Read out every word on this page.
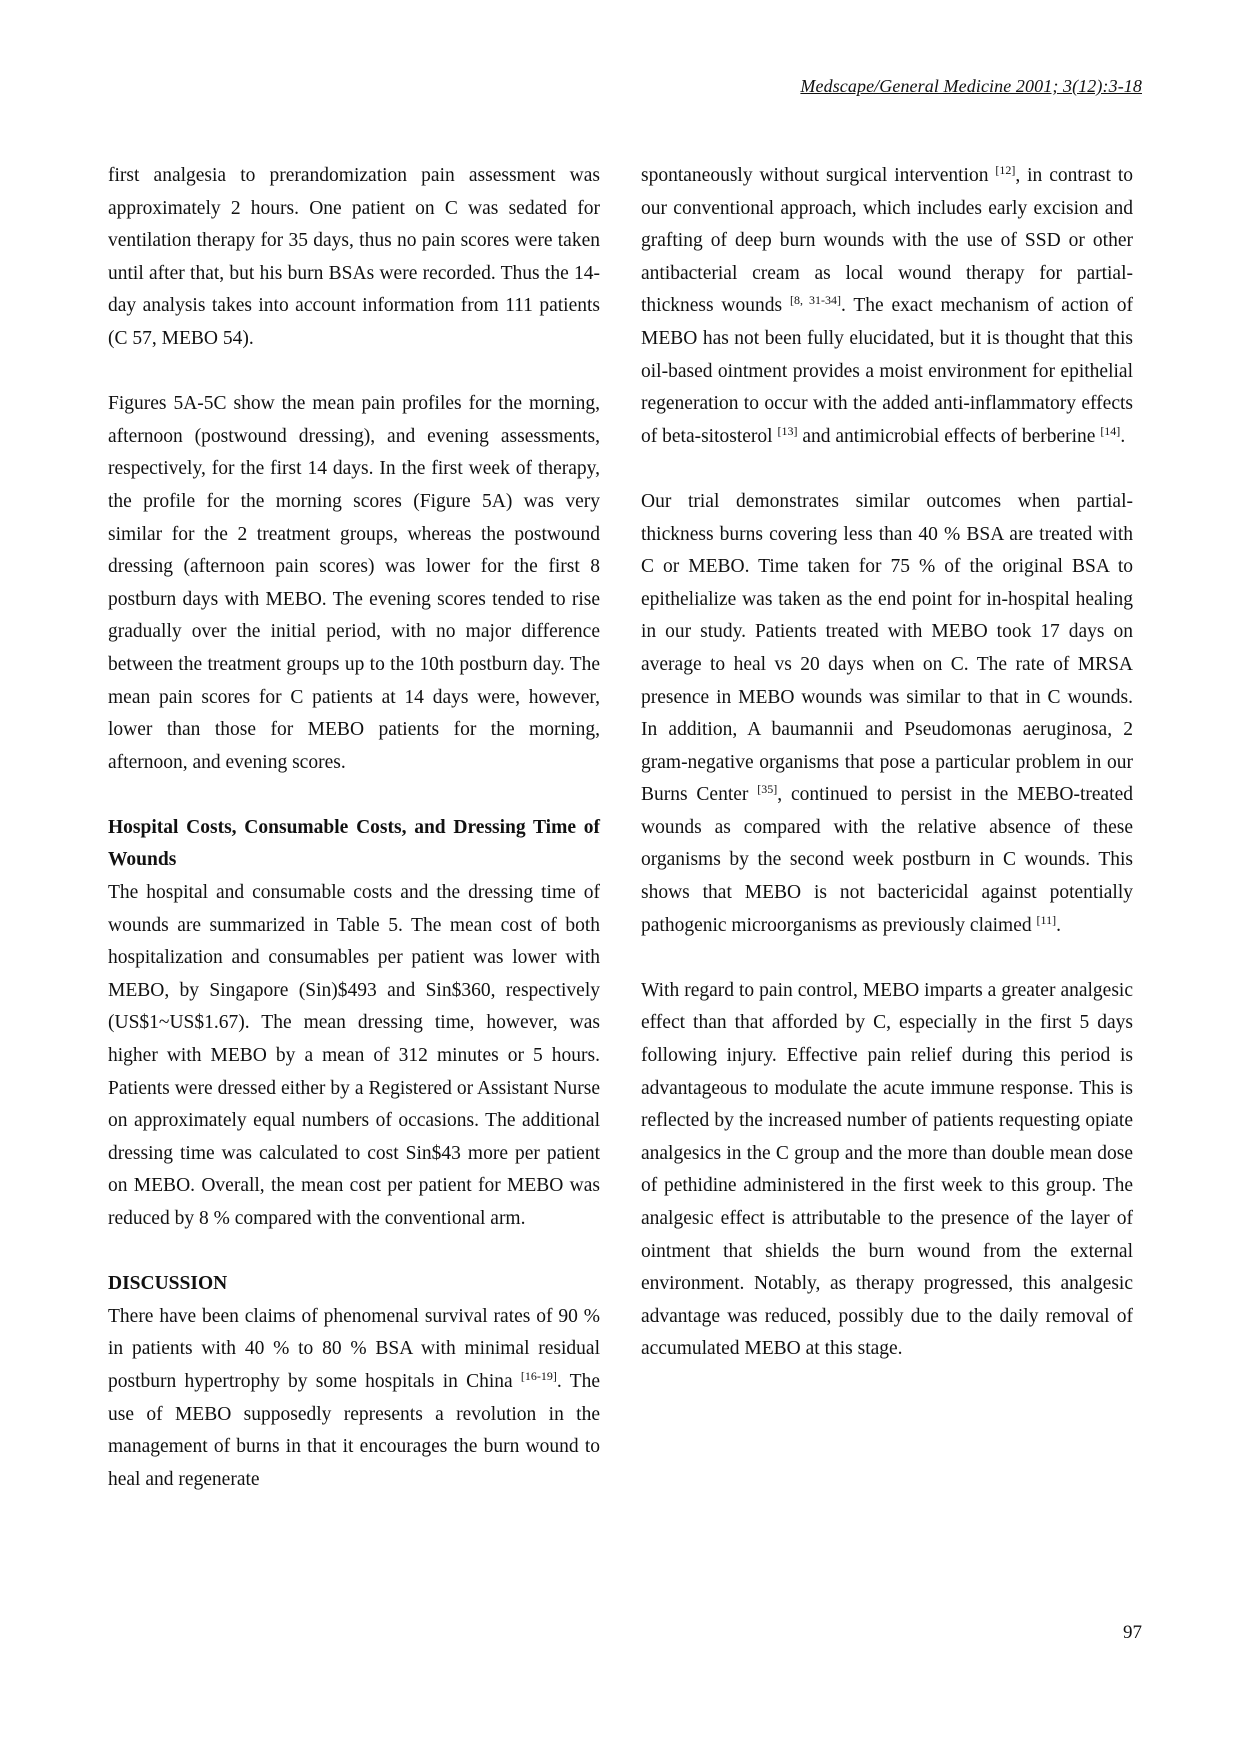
Medscape/General Medicine 2001; 3(12):3-18

first analgesia to prerandomization pain assessment was approximately 2 hours. One patient on C was sedated for ventilation therapy for 35 days, thus no pain scores were taken until after that, but his burn BSAs were recorded. Thus the 14-day analysis takes into account information from 111 patients (C 57, MEBO 54).

Figures 5A-5C show the mean pain profiles for the morning, afternoon (postwound dressing), and evening assessments, respectively, for the first 14 days. In the first week of therapy, the profile for the morning scores (Figure 5A) was very similar for the 2 treatment groups, whereas the postwound dressing (afternoon pain scores) was lower for the first 8 postburn days with MEBO. The evening scores tended to rise gradually over the initial period, with no major difference between the treatment groups up to the 10th postburn day. The mean pain scores for C patients at 14 days were, however, lower than those for MEBO patients for the morning, afternoon, and evening scores.

Hospital Costs, Consumable Costs, and Dressing Time of Wounds

The hospital and consumable costs and the dressing time of wounds are summarized in Table 5. The mean cost of both hospitalization and consumables per patient was lower with MEBO, by Singapore (Sin)$493 and Sin$360, respectively (US$1~US$1.67). The mean dressing time, however, was higher with MEBO by a mean of 312 minutes or 5 hours. Patients were dressed either by a Registered or Assistant Nurse on approximately equal numbers of occasions. The additional dressing time was calculated to cost Sin$43 more per patient on MEBO. Overall, the mean cost per patient for MEBO was reduced by 8 % compared with the conventional arm.

DISCUSSION

There have been claims of phenomenal survival rates of 90 % in patients with 40 % to 80 % BSA with minimal residual postburn hypertrophy by some hospitals in China [16-19]. The use of MEBO supposedly represents a revolution in the management of burns in that it encourages the burn wound to heal and regenerate

spontaneously without surgical intervention [12], in contrast to our conventional approach, which includes early excision and grafting of deep burn wounds with the use of SSD or other antibacterial cream as local wound therapy for partial-thickness wounds [8, 31-34]. The exact mechanism of action of MEBO has not been fully elucidated, but it is thought that this oil-based ointment provides a moist environment for epithelial regeneration to occur with the added anti-inflammatory effects of beta-sitosterol [13] and antimicrobial effects of berberine [14].

Our trial demonstrates similar outcomes when partial-thickness burns covering less than 40 % BSA are treated with C or MEBO. Time taken for 75 % of the original BSA to epithelialize was taken as the end point for in-hospital healing in our study. Patients treated with MEBO took 17 days on average to heal vs 20 days when on C. The rate of MRSA presence in MEBO wounds was similar to that in C wounds. In addition, A baumannii and Pseudomonas aeruginosa, 2 gram-negative organisms that pose a particular problem in our Burns Center [35], continued to persist in the MEBO-treated wounds as compared with the relative absence of these organisms by the second week postburn in C wounds. This shows that MEBO is not bactericidal against potentially pathogenic microorganisms as previously claimed [11].

With regard to pain control, MEBO imparts a greater analgesic effect than that afforded by C, especially in the first 5 days following injury. Effective pain relief during this period is advantageous to modulate the acute immune response. This is reflected by the increased number of patients requesting opiate analgesics in the C group and the more than double mean dose of pethidine administered in the first week to this group. The analgesic effect is attributable to the presence of the layer of ointment that shields the burn wound from the external environment. Notably, as therapy progressed, this analgesic advantage was reduced, possibly due to the daily removal of accumulated MEBO at this stage.

97
